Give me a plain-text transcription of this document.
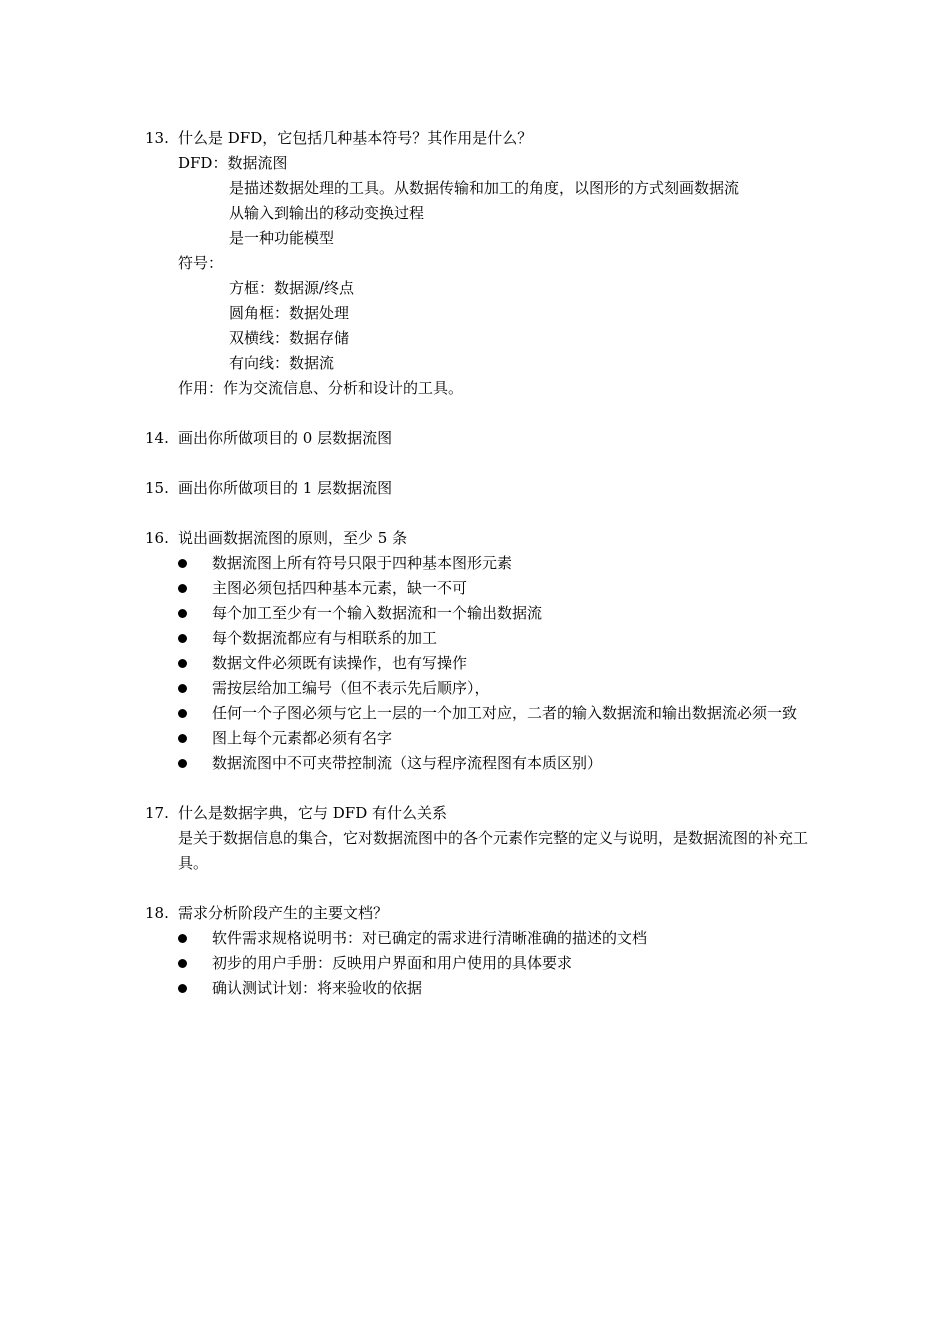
13. 什么是 DFD，它包括几种基本符号？其作用是什么？
DFD：数据流图
是描述数据处理的工具。从数据传输和加工的角度，以图形的方式刻画数据流
从输入到输出的移动变换过程
是一种功能模型
符号：
方框：数据源/终点
圆角框：数据处理
双横线：数据存储
有向线：数据流
作用：作为交流信息、分析和设计的工具。
14. 画出你所做项目的 0 层数据流图
15. 画出你所做项目的 1 层数据流图
16. 说出画数据流图的原则，至少 5 条
数据流图上所有符号只限于四种基本图形元素
主图必须包括四种基本元素，缺一不可
每个加工至少有一个输入数据流和一个输出数据流
每个数据流都应有与相联系的加工
数据文件必须既有读操作，也有写操作
需按层给加工编号（但不表示先后顺序），
任何一个子图必须与它上一层的一个加工对应，二者的输入数据流和输出数据流必须一致
图上每个元素都必须有名字
数据流图中不可夹带控制流（这与程序流程图有本质区别）
17. 什么是数据字典，它与 DFD 有什么关系
是关于数据信息的集合，它对数据流图中的各个元素作完整的定义与说明，是数据流图的补充工具。
18. 需求分析阶段产生的主要文档？
软件需求规格说明书：对已确定的需求进行清晰准确的描述的文档
初步的用户手册：反映用户界面和用户使用的具体要求
确认测试计划：将来验收的依据
